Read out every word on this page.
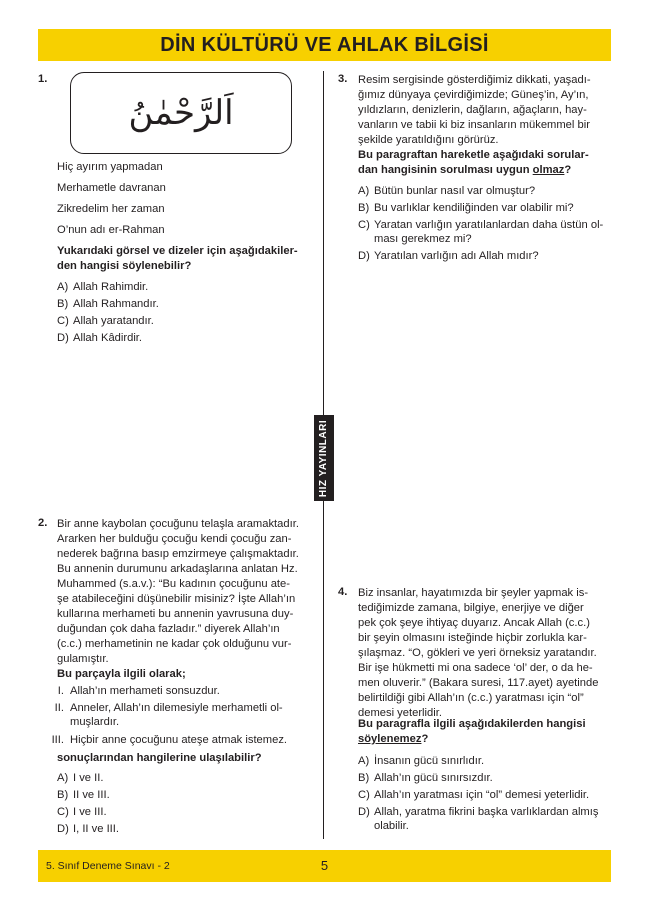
DİN KÜLTÜRÜ VE AHLAK BİLGİSİ
HIZ YAYINLARI
1.
اَلرَّحْمٰنُ
Hiç ayırım yapmadan
Merhametle davranan
Zikredelim her zaman
O’nun adı er-Rahman
Yukarıdaki görsel ve dizeler için aşağıdakiler-
den hangisi söylenebilir?
A) Allah Rahimdir.
B) Allah Rahmandır.
C) Allah yaratandır.
D) Allah Kâdirdir.
2. Bir anne kaybolan çocuğunu telaşla aramaktadır.
Ararken her bulduğu çocuğu kendi çocuğu zan-
nederek bağrına basıp emzirmeye çalışmaktadır.
Bu annenin durumunu arkadaşlarına anlatan Hz.
Muhammed (s.a.v.): “Bu kadının çocuğunu ate-
şe atabileceğini düşünebilir misiniz? İşte Allah’ın
kullarına merhameti bu annenin yavrusuna duy-
duğundan çok daha fazladır.” diyerek Allah’ın
(c.c.) merhametinin ne kadar çok olduğunu vur-
gulamıştır.
Bu parçayla ilgili olarak;
I. Allah’ın merhameti sonsuzdur.
II. Anneler, Allah’ın dilemesiyle merhametli ol-
muşlardır.
III. Hiçbir anne çocuğunu ateşe atmak istemez.
sonuçlarından hangilerine ulaşılabilir?
A) I ve II.
B) II ve III.
C) I ve III.
D) I, II ve III.
3. Resim sergisinde gösterdiğimiz dikkati, yaşadı-
ğımız dünyaya çevirdiğimizde; Güneş’in, Ay’ın,
yıldızların, denizlerin, dağların, ağaçların, hay-
vanların ve tabii ki biz insanların mükemmel bir
şekilde yaratıldığını görürüz.
Bu paragraftan hareketle aşağıdaki sorular-
dan hangisinin sorulması uygun olmaz?
A) Bütün bunlar nasıl var olmuştur?
B) Bu varlıklar kendiliğinden var olabilir mi?
C) Yaratan varlığın yaratılanlardan daha üstün ol-
ması gerekmez mi?
D) Yaratılan varlığın adı Allah mıdır?
4. Biz insanlar, hayatımızda bir şeyler yapmak is-
tediğimizde zamana, bilgiye, enerjiye ve diğer
pek çok şeye ihtiyaç duyarız. Ancak Allah (c.c.)
bir şeyin olmasını isteğinde hiçbir zorlukla kar-
şılaşmaz. “O, gökleri ve yeri örneksiz yaratandır.
Bir işe hükmetti mi ona sadece ‘ol’ der, o da he-
men oluverir.” (Bakara suresi, 117.ayet) ayetinde
belirtildiği gibi Allah’ın (c.c.) yaratması için “ol”
demesi yeterlidir.
Bu paragrafla ilgili aşağıdakilerden hangisi
söylenemez?
A) İnsanın gücü sınırlıdır.
B) Allah’ın gücü sınırsızdır.
C) Allah’ın yaratması için “ol” demesi yeterlidir.
D) Allah, yaratma fikrini başka varlıklardan almış
olabilir.
5. Sınıf Deneme Sınavı - 2	5
